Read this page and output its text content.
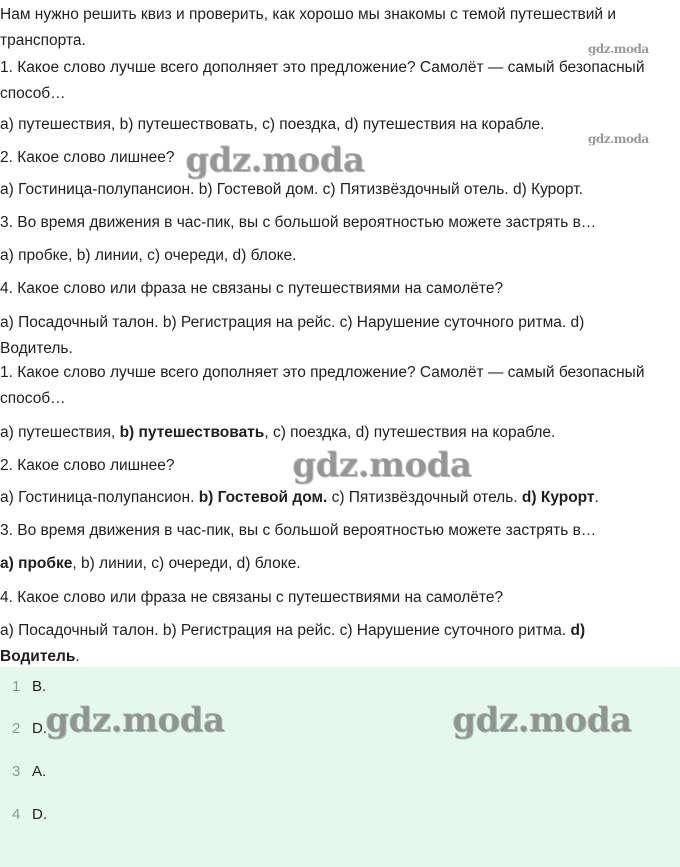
Нам нужно решить квиз и проверить, как хорошо мы знакомы с темой путешествий и
транспорта.
1. Какое слово лучше всего дополняет это предложение? Самолёт — самый безопасный
способ…
a) путешествия, b) путешествовать, c) поездка, d) путешествия на корабле.
2. Какое слово лишнее?
a) Гостиница-полупансион. b) Гостевой дом. c) Пятизвёздочный отель. d) Курорт.
3. Во время движения в час-пик, вы с большой вероятностью можете застрять в…
a) пробке, b) линии, c) очереди, d) блоке.
4. Какое слово или фраза не связаны с путешествиями на самолёте?
a) Посадочный талон. b) Регистрация на рейс. c) Нарушение суточного ритма. d)
Водитель.
1. Какое слово лучше всего дополняет это предложение? Самолёт — самый безопасный
способ…
a) путешествия, b) путешествовать, c) поездка, d) путешествия на корабле.
2. Какое слово лишнее?
a) Гостиница-полупансион. b) Гостевой дом. c) Пятизвёздочный отель. d) Курорт.
3. Во время движения в час-пик, вы с большой вероятностью можете застрять в…
a) пробке, b) линии, c) очереди, d) блоке.
4. Какое слово или фраза не связаны с путешествиями на самолёте?
a) Посадочный талон. b) Регистрация на рейс. c) Нарушение суточного ритма. d)
Водитель.
1 B.
2 D.
3 A.
4 D.
gdz.moda
gdz.moda
gdz.moda
gdz.moda
gdz.moda	gdz.moda
